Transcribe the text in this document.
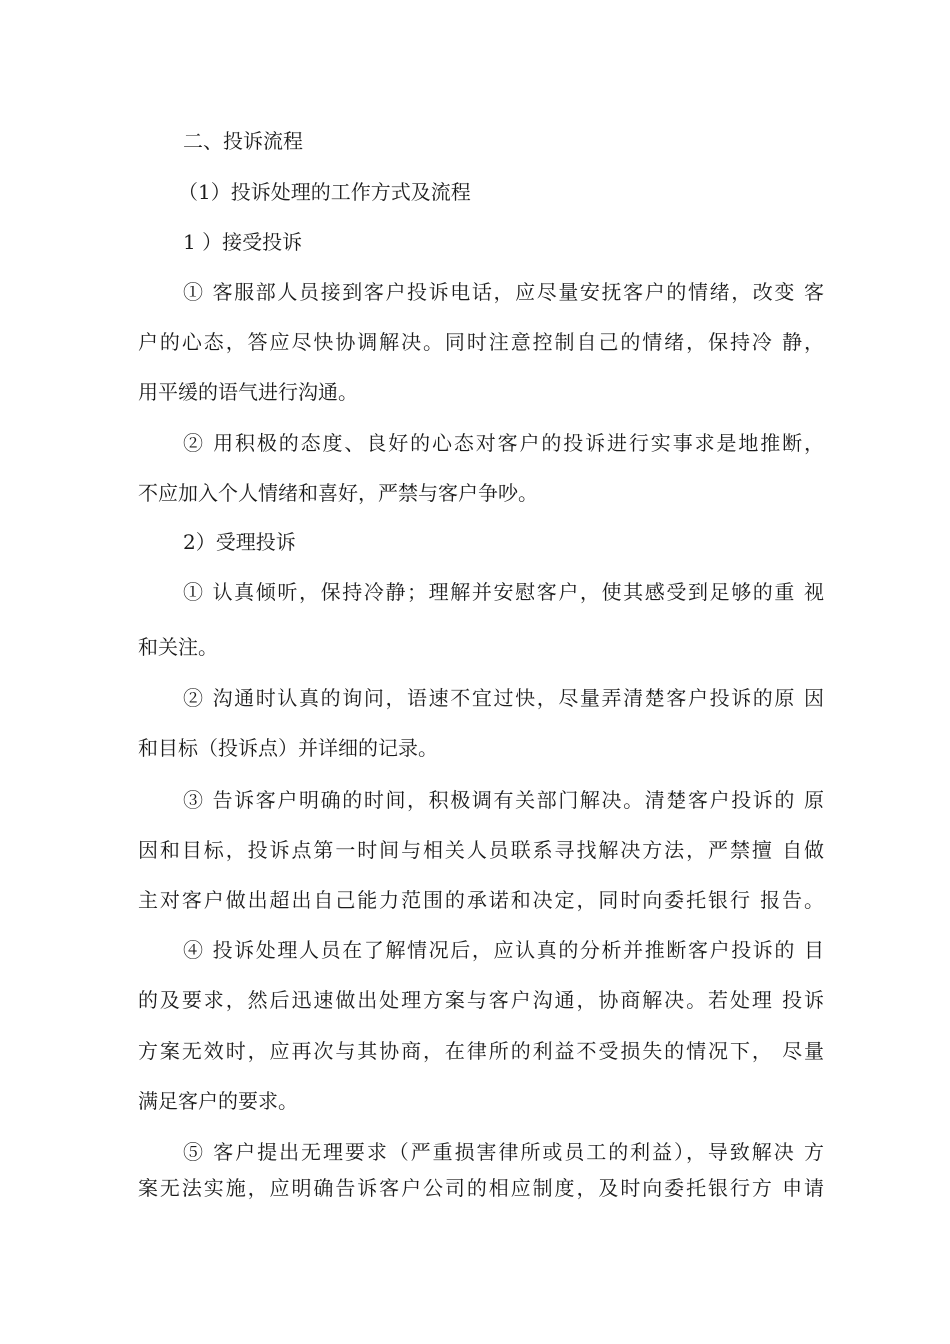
二、投诉流程
（1）投诉处理的工作方式及流程
1 ）接受投诉
① 客服部人员接到客户投诉电话，应尽量安抚客户的情绪，改变 客
户的心态，答应尽快协调解决。同时注意控制自己的情绪，保持冷 静，
用平缓的语气进行沟通。
② 用积极的态度、良好的心态对客户的投诉进行实事求是地推断，
不应加入个人情绪和喜好，严禁与客户争吵。
2）受理投诉
① 认真倾听，保持冷静；理解并安慰客户，使其感受到足够的重 视
和关注。
② 沟通时认真的询问，语速不宜过快，尽量弄清楚客户投诉的原 因
和目标（投诉点）并详细的记录。
③ 告诉客户明确的时间，积极调有关部门解决。清楚客户投诉的 原
因和目标，投诉点第一时间与相关人员联系寻找解决方法，严禁擅 自做
主对客户做出超出自己能力范围的承诺和决定，同时向委托银行 报告。
④ 投诉处理人员在了解情况后，应认真的分析并推断客户投诉的 目
的及要求，然后迅速做出处理方案与客户沟通，协商解决。若处理 投诉
方案无效时，应再次与其协商，在律所的利益不受损失的情况下， 尽量
满足客户的要求。
⑤ 客户提出无理要求（严重损害律所或员工的利益），导致解决 方
案无法实施，应明确告诉客户公司的相应制度，及时向委托银行方 申请
